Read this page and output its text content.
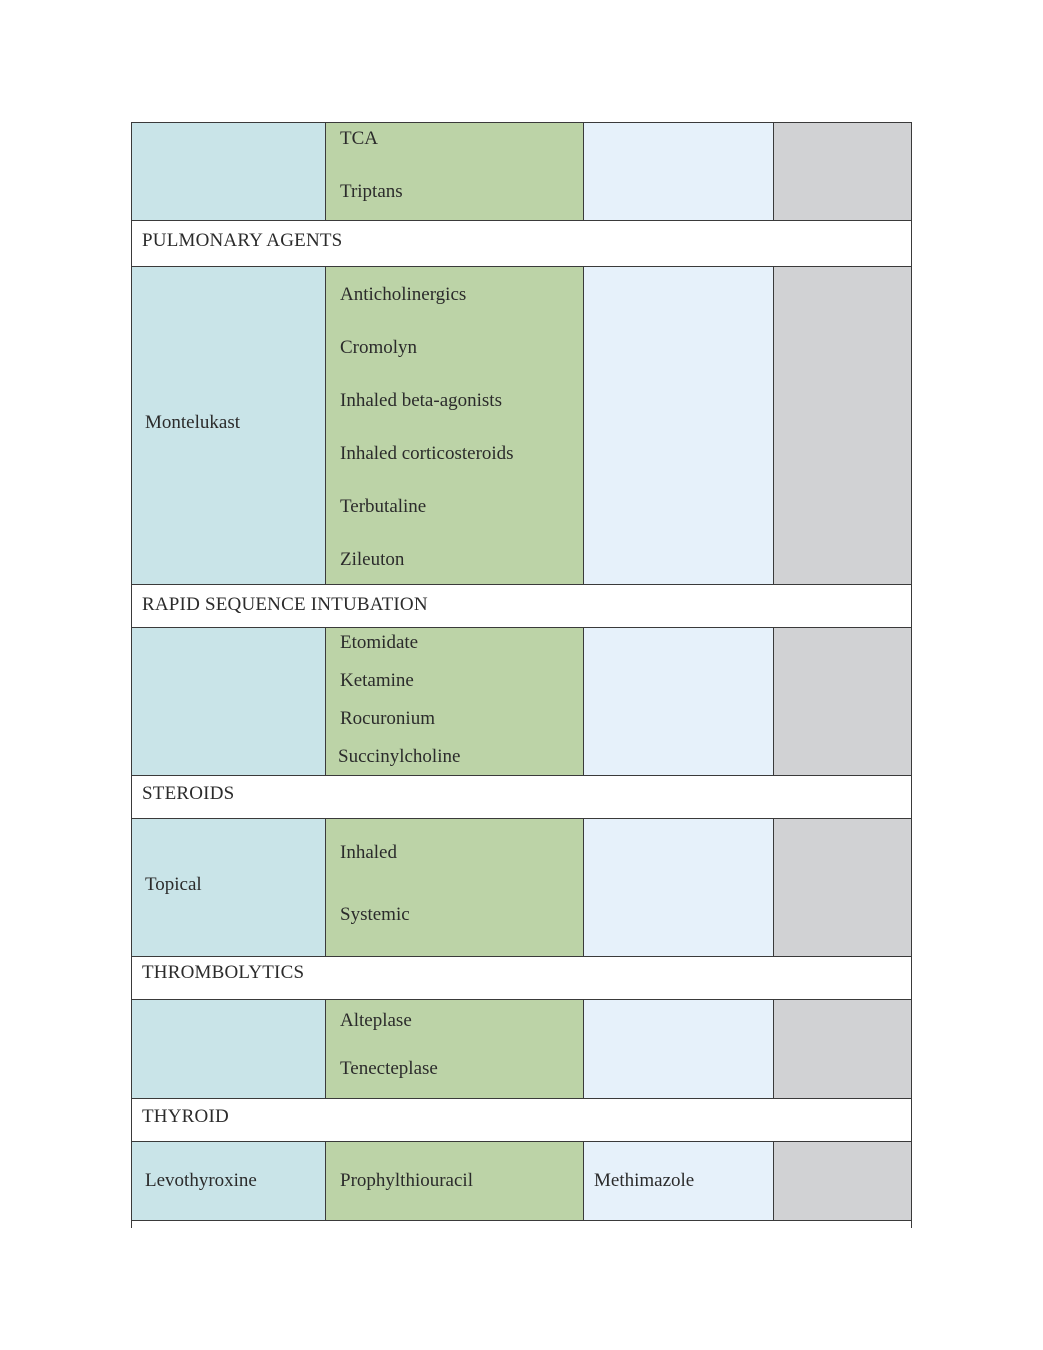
TCA
Triptans
PULMONARY AGENTS
Montelukast
Anticholinergics
Cromolyn
Inhaled beta-agonists
Inhaled corticosteroids
Terbutaline
Zileuton
RAPID SEQUENCE INTUBATION
Etomidate
Ketamine
Rocuronium
Succinylcholine
STEROIDS
Topical
Inhaled
Systemic
THROMBOLYTICS
Alteplase
Tenecteplase
THYROID
Levothyroxine	Prophylthiouracil	Methimazole
